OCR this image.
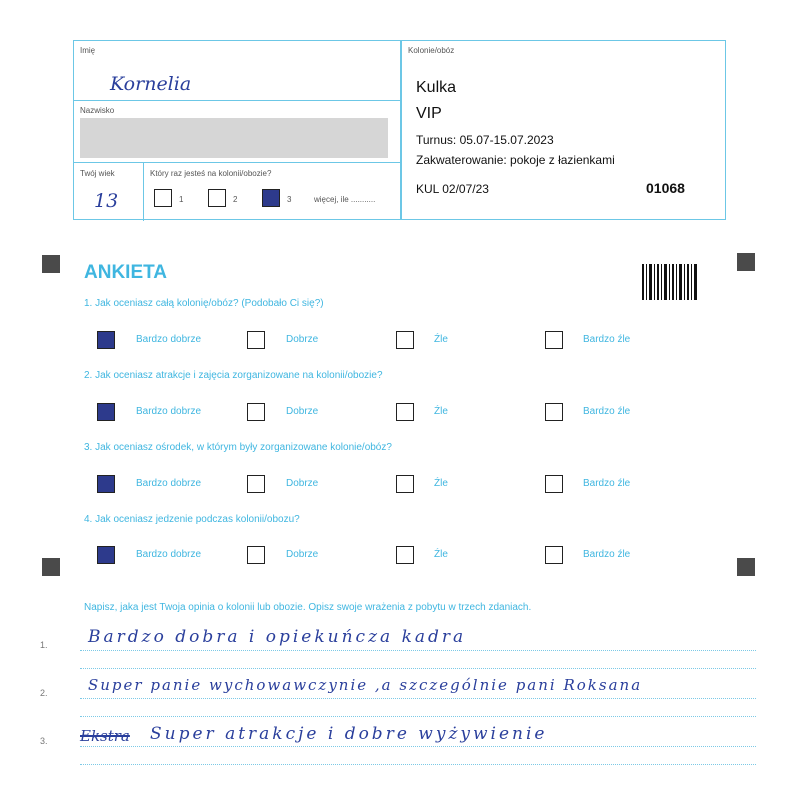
Imię
Kornelia
Nazwisko
Twój wiek
13
Który raz jesteś na kolonii/obozie?
1	2	3	więcej, ile ...........
Kolonie/obóz
Kulka
VIP
Turnus: 05.07-15.07.2023
Zakwaterowanie: pokoje z łazienkami
KUL 02/07/23	01068
ANKIETA
1. Jak oceniasz całą kolonię/obóz? (Podobało Ci się?)
2. Jak oceniasz atrakcje i zajęcia zorganizowane na kolonii/obozie?
3. Jak oceniasz ośrodek, w którym były zorganizowane kolonie/obóz?
4. Jak oceniasz jedzenie podczas kolonii/obozu?
Bardzo dobrze	Dobrze	Źle	Bardzo źle
Bardzo dobrze	Dobrze	Źle	Bardzo źle
Bardzo dobrze	Dobrze	Źle	Bardzo źle
Bardzo dobrze	Dobrze	Źle	Bardzo źle
Napisz, jaka jest Twoja opinia o kolonii lub obozie. Opisz swoje wrażenia z pobytu w trzech zdaniach.
1. Bardzo dobra i opiekuńcza kadra
2.	Super panie wychowawczynie ,a szczególnie pani Roksana
3. Ekstra Super atrakcje i dobre wyżywienie
